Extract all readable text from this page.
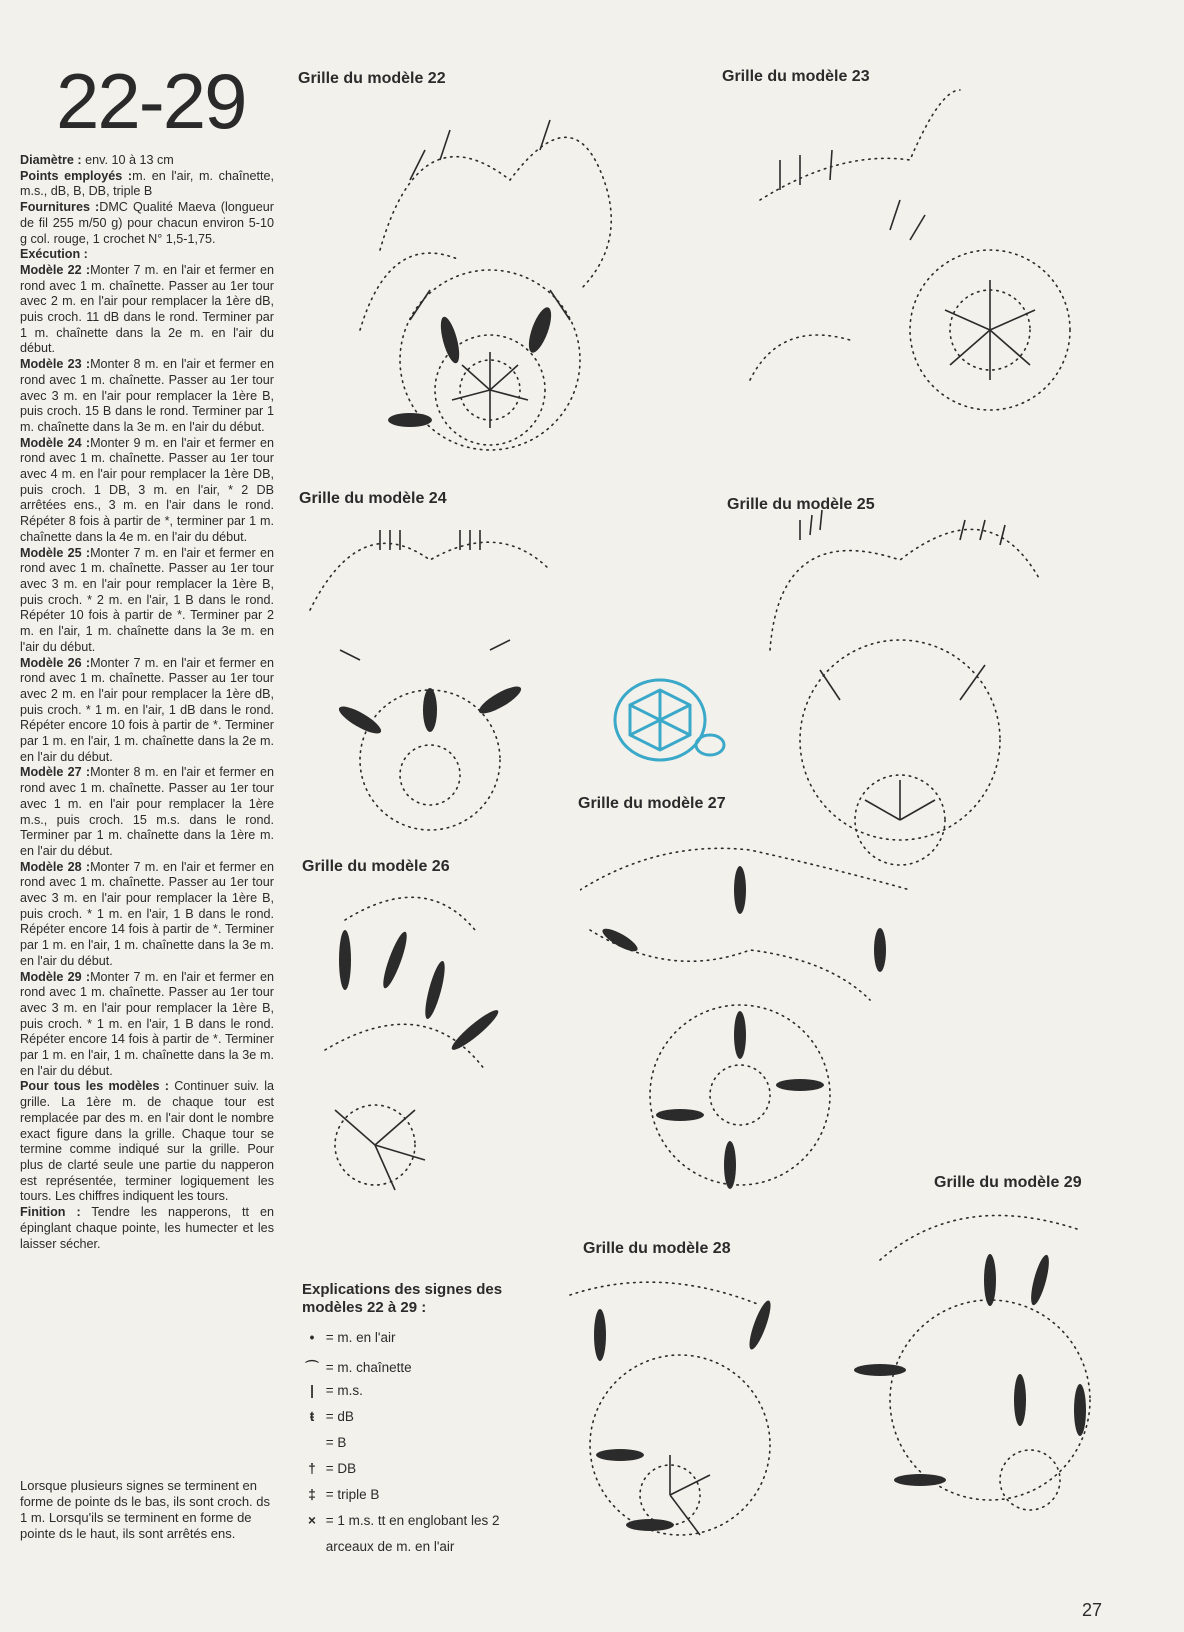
22-29

Diamètre : env. 10 à 13 cm

Points employés :m. en l'air, m. chaînette, m.s., dB, B, DB, triple B

Fournitures :DMC Qualité Maeva (longueur de fil 255 m/50 g) pour chacun environ 5-10 g col. rouge, 1 crochet N° 1,5-1,75.

Exécution :

Modèle 22 :Monter 7 m. en l'air et fermer en rond avec 1 m. chaînette. Passer au 1er tour avec 2 m. en l'air pour remplacer la 1ère dB, puis croch. 11 dB dans le rond. Terminer par 1 m. chaînette dans la 2e m. en l'air du début.

Modèle 23 :Monter 8 m. en l'air et fermer en rond avec 1 m. chaînette. Passer au 1er tour avec 3 m. en l'air pour remplacer la 1ère B, puis croch. 15 B dans le rond. Terminer par 1 m. chaînette dans la 3e m. en l'air du début.

Modèle 24 :Monter 9 m. en l'air et fermer en rond avec 1 m. chaînette. Passer au 1er tour avec 4 m. en l'air pour remplacer la 1ère DB, puis croch. 1 DB, 3 m. en l'air, * 2 DB arrêtées ens., 3 m. en l'air dans le rond. Répéter 8 fois à partir de *, terminer par 1 m. chaînette dans la 4e m. en l'air du début.

Modèle 25 :Monter 7 m. en l'air et fermer en rond avec 1 m. chaînette. Passer au 1er tour avec 3 m. en l'air pour remplacer la 1ère B, puis croch. * 2 m. en l'air, 1 B dans le rond. Répéter 10 fois à partir de *. Terminer par 2 m. en l'air, 1 m. chaînette dans la 3e m. en l'air du début.

Modèle 26 :Monter 7 m. en l'air et fermer en rond avec 1 m. chaînette. Passer au 1er tour avec 2 m. en l'air pour remplacer la 1ère dB, puis croch. * 1 m. en l'air, 1 dB dans le rond. Répéter encore 10 fois à partir de *. Terminer par 1 m. en l'air, 1 m. chaînette dans la 2e m. en l'air du début.

Modèle 27 :Monter 8 m. en l'air et fermer en rond avec 1 m. chaînette. Passer au 1er tour avec 1 m. en l'air pour remplacer la 1ère m.s., puis croch. 15 m.s. dans le rond. Terminer par 1 m. chaînette dans la 1ère m. en l'air du début.

Modèle 28 :Monter 7 m. en l'air et fermer en rond avec 1 m. chaînette. Passer au 1er tour avec 3 m. en l'air pour remplacer la 1ère B, puis croch. * 1 m. en l'air, 1 B dans le rond. Répéter encore 14 fois à partir de *. Terminer par 1 m. en l'air, 1 m. chaînette dans la 3e m. en l'air du début.

Modèle 29 :Monter 7 m. en l'air et fermer en rond avec 1 m. chaînette. Passer au 1er tour avec 3 m. en l'air pour remplacer la 1ère B, puis croch. * 1 m. en l'air, 1 B dans le rond. Répéter encore 14 fois à partir de *. Terminer par 1 m. en l'air, 1 m. chaînette dans la 3e m. en l'air du début.

Pour tous les modèles : Continuer suiv. la grille. La 1ère m. de chaque tour est remplacée par des m. en l'air dont le nombre exact figure dans la grille. Chaque tour se termine comme indiqué sur la grille. Pour plus de clarté seule une partie du napperon est représentée, terminer logiquement les tours. Les chiffres indiquent les tours.

Finition : Tendre les napperons, tt en épinglant chaque pointe, les humecter et les laisser sécher.

Lorsque plusieurs signes se terminent en forme de pointe ds le bas, ils sont croch. ds 1 m. Lorsqu'ils se terminent en forme de pointe ds le haut, ils sont arrêtés ens.
Grille du modèle 22	Grille du modèle 23
Grille du modèle 24	Grille du modèle 25
Grille du modèle 26
Grille du modèle 27
Grille du modèle 28
Grille du modèle 29
Explications des signes des modèles 22 à 29 :
• = m. en l'air
⌒ = m. chaînette
| = m.s.
ŧ = dB
= B
† = DB
‡ = triple B
× = 1 m.s. tt en englobant les 2
arceaux de m. en l'air
27
